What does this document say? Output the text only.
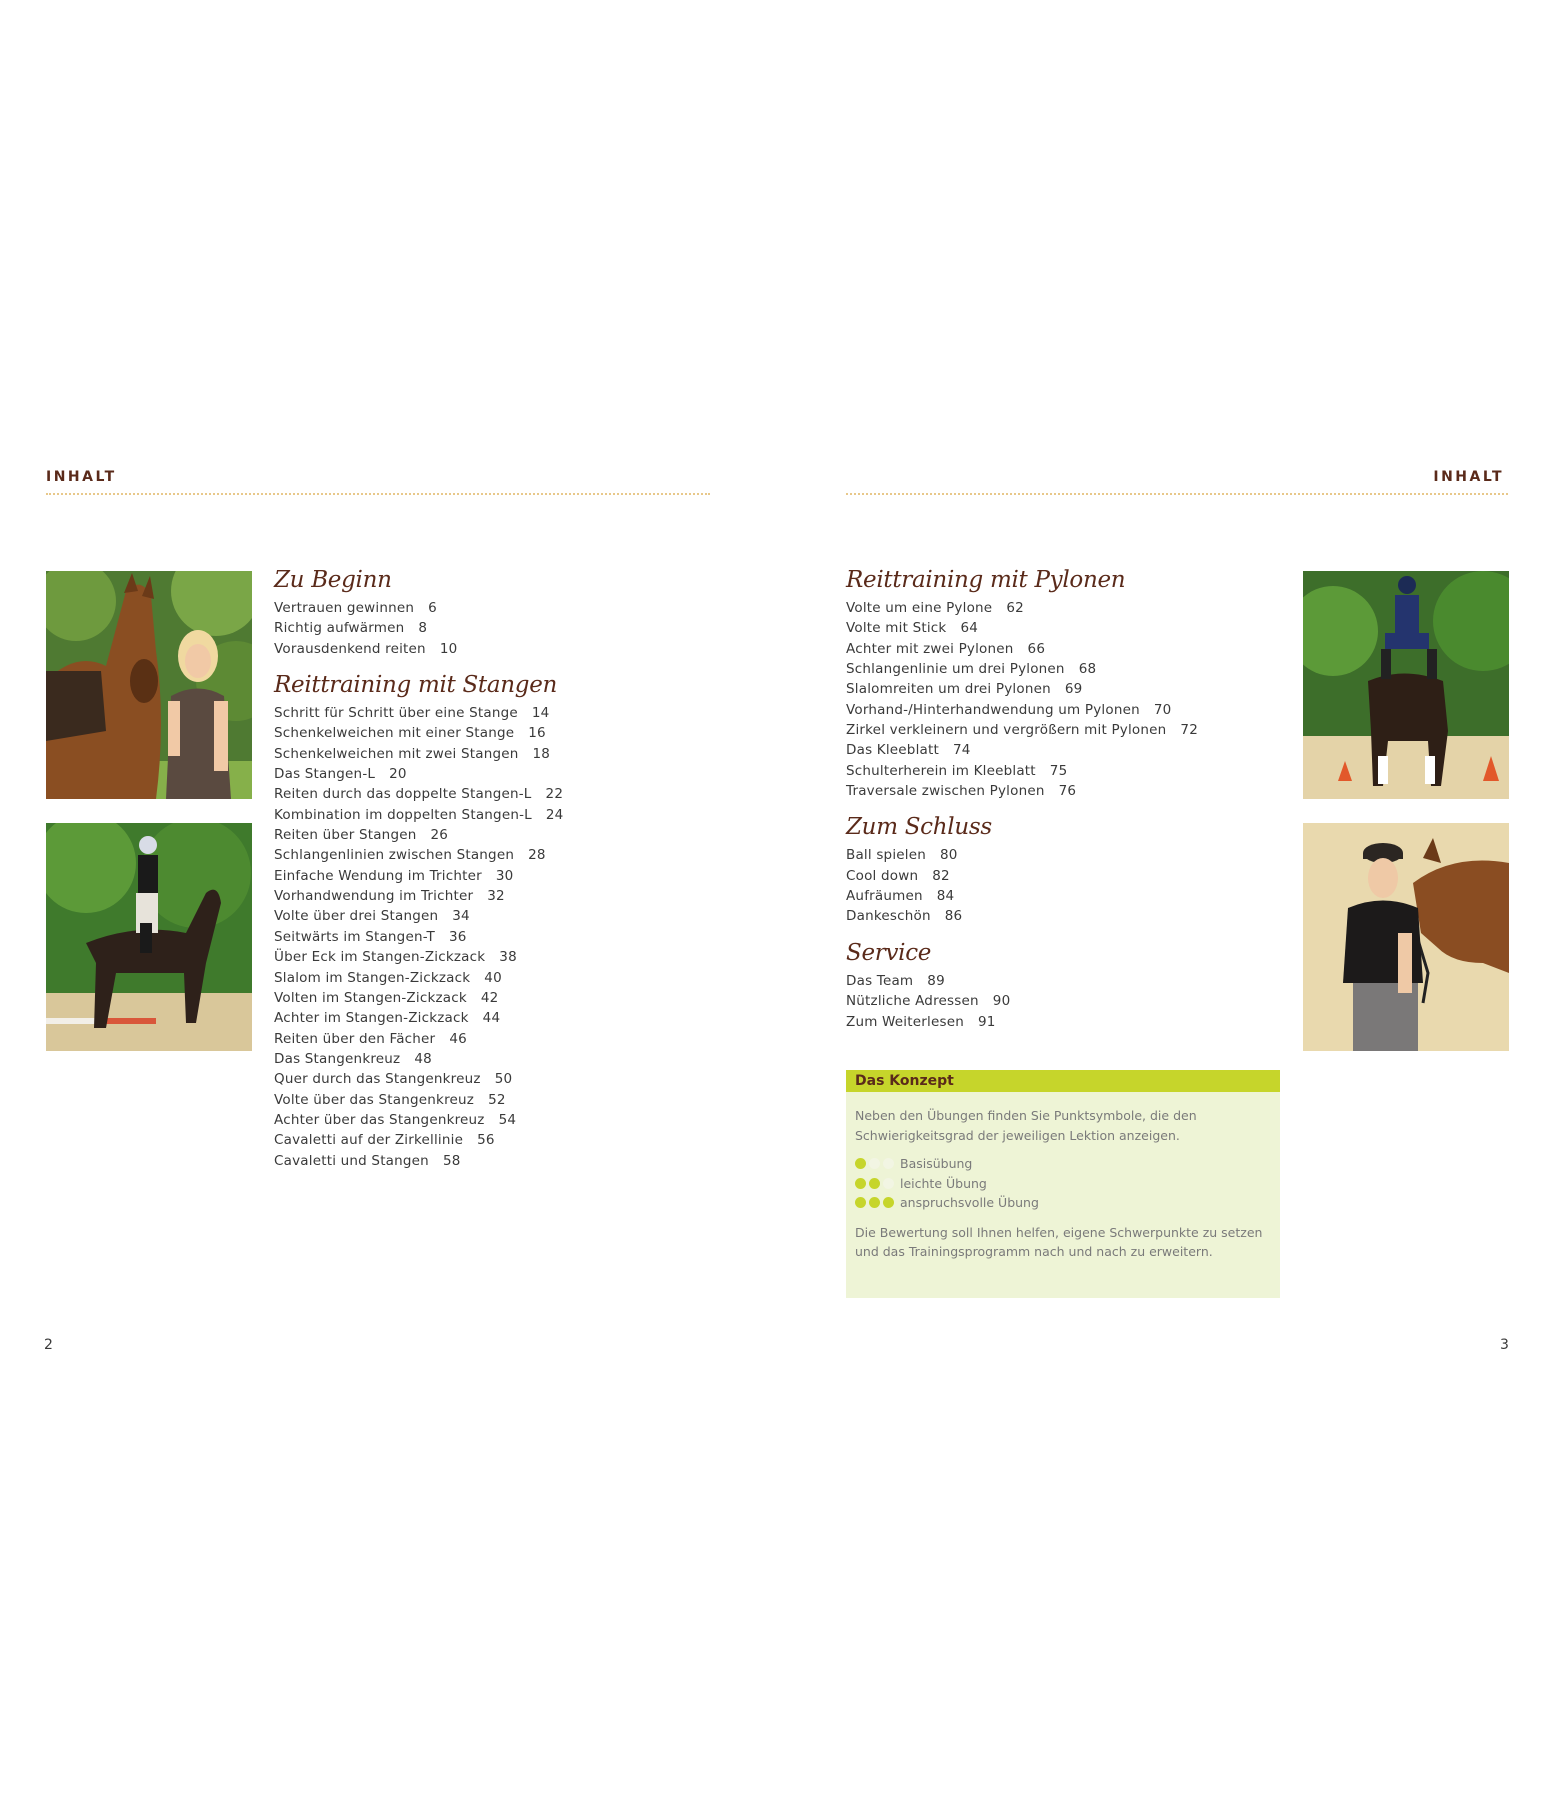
INHALT	INHALT
Zu Beginn
Vertrauen gewinnen 6
Richtig aufwärmen 8
Vorausdenkend reiten 10
Reittraining mit Stangen
Schritt für Schritt über eine Stange 14
Schenkelweichen mit einer Stange 16
Schenkelweichen mit zwei Stangen 18
Das Stangen-L 20
Reiten durch das doppelte Stangen-L 22
Kombination im doppelten Stangen-L 24
Reiten über Stangen 26
Schlangenlinien zwischen Stangen 28
Einfache Wendung im Trichter 30
Vorhandwendung im Trichter 32
Volte über drei Stangen 34
Seitwärts im Stangen-T 36
Über Eck im Stangen-Zickzack 38
Slalom im Stangen-Zickzack 40
Volten im Stangen-Zickzack 42
Achter im Stangen-Zickzack 44
Reiten über den Fächer 46
Das Stangenkreuz 48
Quer durch das Stangenkreuz 50
Volte über das Stangenkreuz 52
Achter über das Stangenkreuz 54
Cavaletti auf der Zirkellinie 56
Cavaletti und Stangen 58
Reittraining mit Pylonen
Volte um eine Pylone 62
Volte mit Stick 64
Achter mit zwei Pylonen 66
Schlangenlinie um drei Pylonen 68
Slalomreiten um drei Pylonen 69
Vorhand-/Hinterhandwendung um Pylonen 70
Zirkel verkleinern und vergrößern mit Pylonen 72
Das Kleeblatt 74
Schulterherein im Kleeblatt 75
Traversale zwischen Pylonen 76
Zum Schluss
Ball spielen 80
Cool down 82
Aufräumen 84
Dankeschön 86
Service
Das Team 89
Nützliche Adressen 90
Zum Weiterlesen 91
Das Konzept

Neben den Übungen finden Sie Punktsymbole, die den Schwierigkeitsgrad der jeweiligen Lektion anzeigen.

Basisübung
leichte Übung
anspruchsvolle Übung

Die Bewertung soll Ihnen helfen, eigene Schwerpunkte zu setzen und das Trainingsprogramm nach und nach zu erweitern.

2	3
